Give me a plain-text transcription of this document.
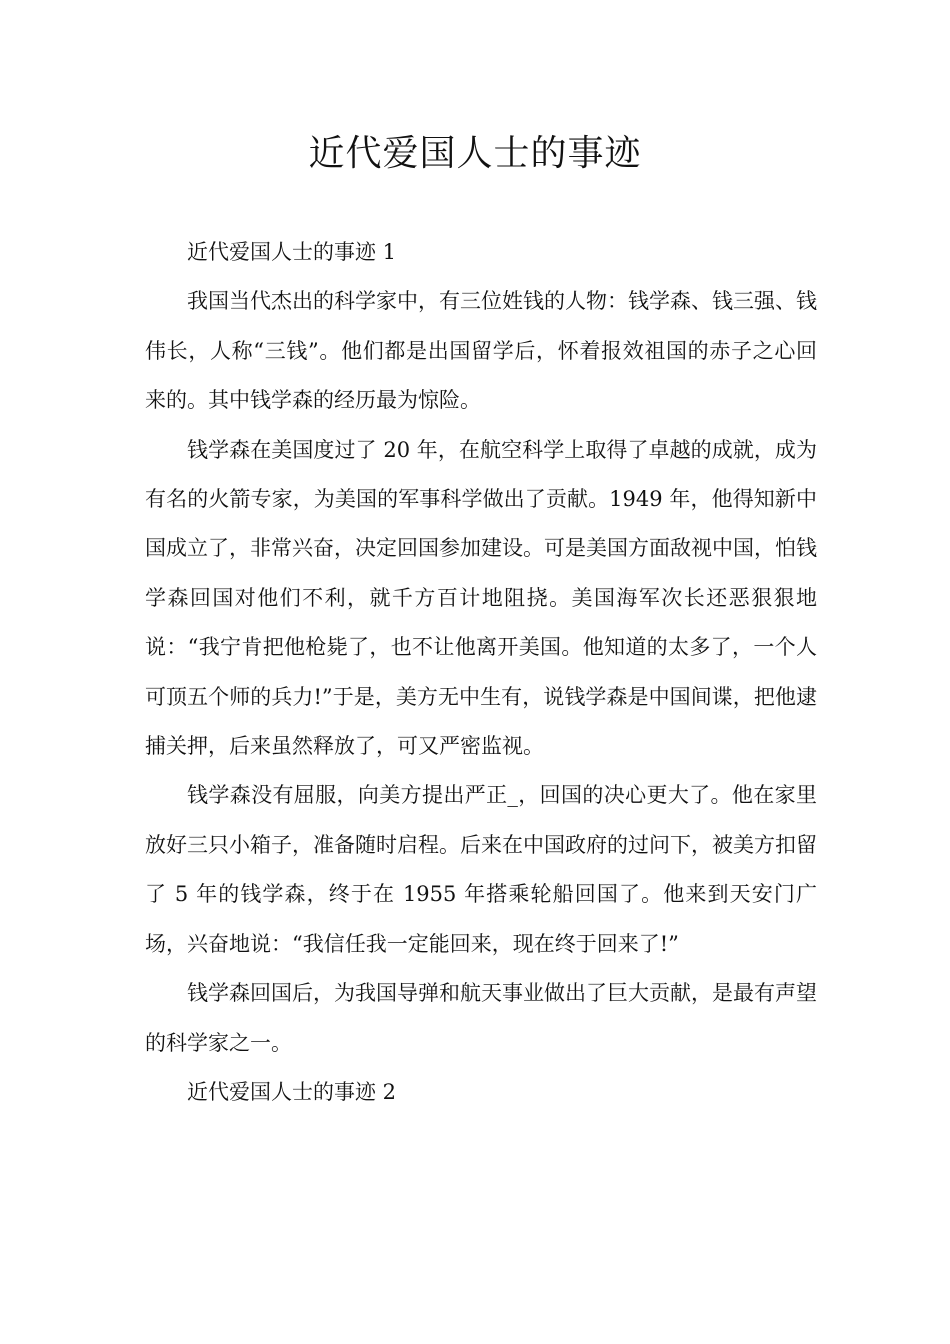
近代爱国人士的事迹

近代爱国人士的事迹 1

我国当代杰出的科学家中，有三位姓钱的人物：钱学森、钱三强、钱伟长，人称“三钱”。他们都是出国留学后，怀着报效祖国的赤子之心回来的。其中钱学森的经历最为惊险。

钱学森在美国度过了 20 年，在航空科学上取得了卓越的成就，成为有名的火箭专家，为美国的军事科学做出了贡献。1949 年，他得知新中国成立了，非常兴奋，决定回国参加建设。可是美国方面敌视中国，怕钱学森回国对他们不利，就千方百计地阻挠。美国海军次长还恶狠狠地说：“我宁肯把他枪毙了，也不让他离开美国。他知道的太多了，一个人可顶五个师的兵力!”于是，美方无中生有，说钱学森是中国间谍，把他逮捕关押，后来虽然释放了，可又严密监视。

钱学森没有屈服，向美方提出严正_，回国的决心更大了。他在家里放好三只小箱子，准备随时启程。后来在中国政府的过问下，被美方扣留了 5 年的钱学森，终于在 1955 年搭乘轮船回国了。他来到天安门广场，兴奋地说：“我信任我一定能回来，现在终于回来了!”

钱学森回国后，为我国导弹和航天事业做出了巨大贡献，是最有声望的科学家之一。

近代爱国人士的事迹 2
